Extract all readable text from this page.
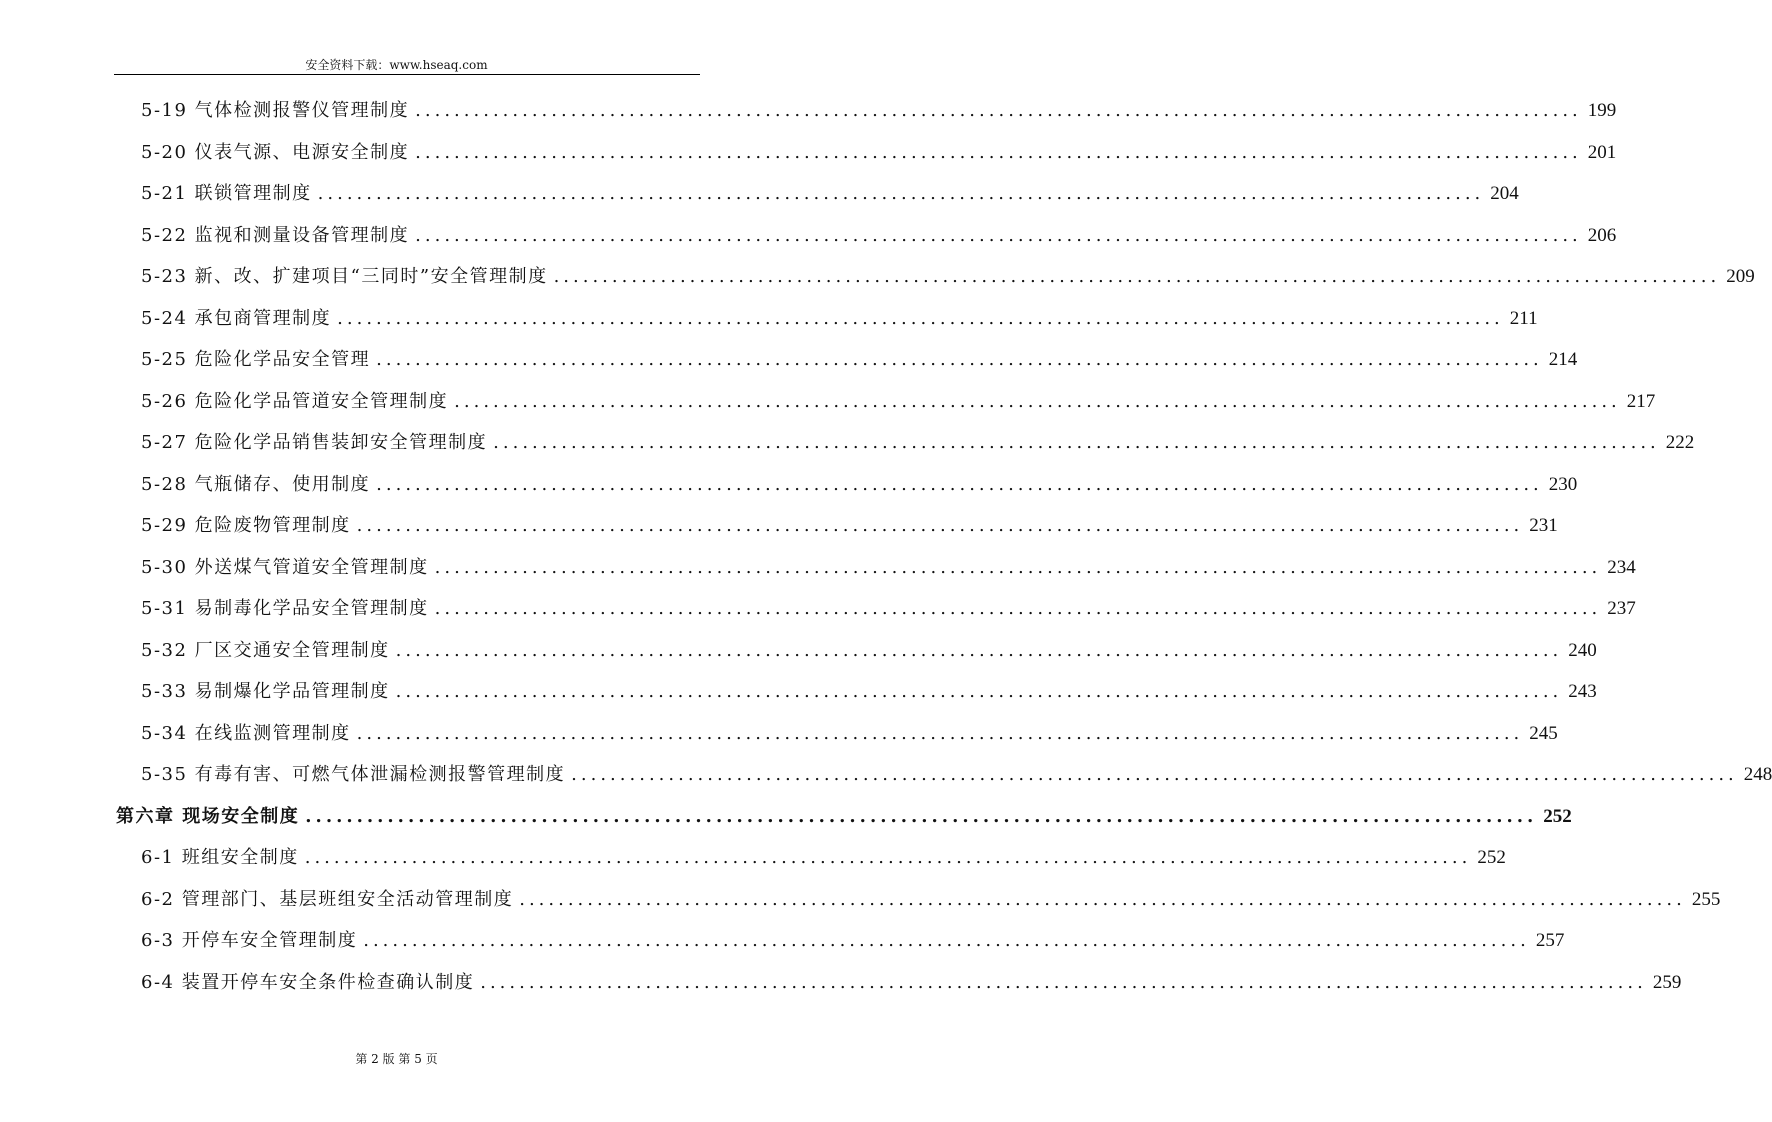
安全资料下载：www.hseaq.com
5-19 气体检测报警仪管理制度 ........................................................................................................................ 199
5-20 仪表气源、电源安全制度 ........................................................................................................................ 201
5-21 联锁管理制度 ........................................................................................................................ 204
5-22 监视和测量设备管理制度 ........................................................................................................................ 206
5-23 新、改、扩建项目“三同时”安全管理制度 ........................................................................................................................ 209
5-24 承包商管理制度 ........................................................................................................................ 211
5-25 危险化学品安全管理 ........................................................................................................................ 214
5-26 危险化学品管道安全管理制度 ........................................................................................................................ 217
5-27 危险化学品销售装卸安全管理制度 ........................................................................................................................ 222
5-28 气瓶储存、使用制度 ........................................................................................................................ 230
5-29 危险废物管理制度 ........................................................................................................................ 231
5-30 外送煤气管道安全管理制度 ........................................................................................................................ 234
5-31 易制毒化学品安全管理制度 ........................................................................................................................ 237
5-32 厂区交通安全管理制度 ........................................................................................................................ 240
5-33 易制爆化学品管理制度 ........................................................................................................................ 243
5-34 在线监测管理制度 ........................................................................................................................ 245
5-35 有毒有害、可燃气体泄漏检测报警管理制度 ........................................................................................................................ 248
第六章 现场安全制度 ........................................................................................................................ 252
6-1 班组安全制度 ........................................................................................................................ 252
6-2 管理部门、基层班组安全活动管理制度 ........................................................................................................................ 255
6-3 开停车安全管理制度 ........................................................................................................................ 257
6-4 装置开停车安全条件检查确认制度 ........................................................................................................................ 259
第 2 版 第 5 页
